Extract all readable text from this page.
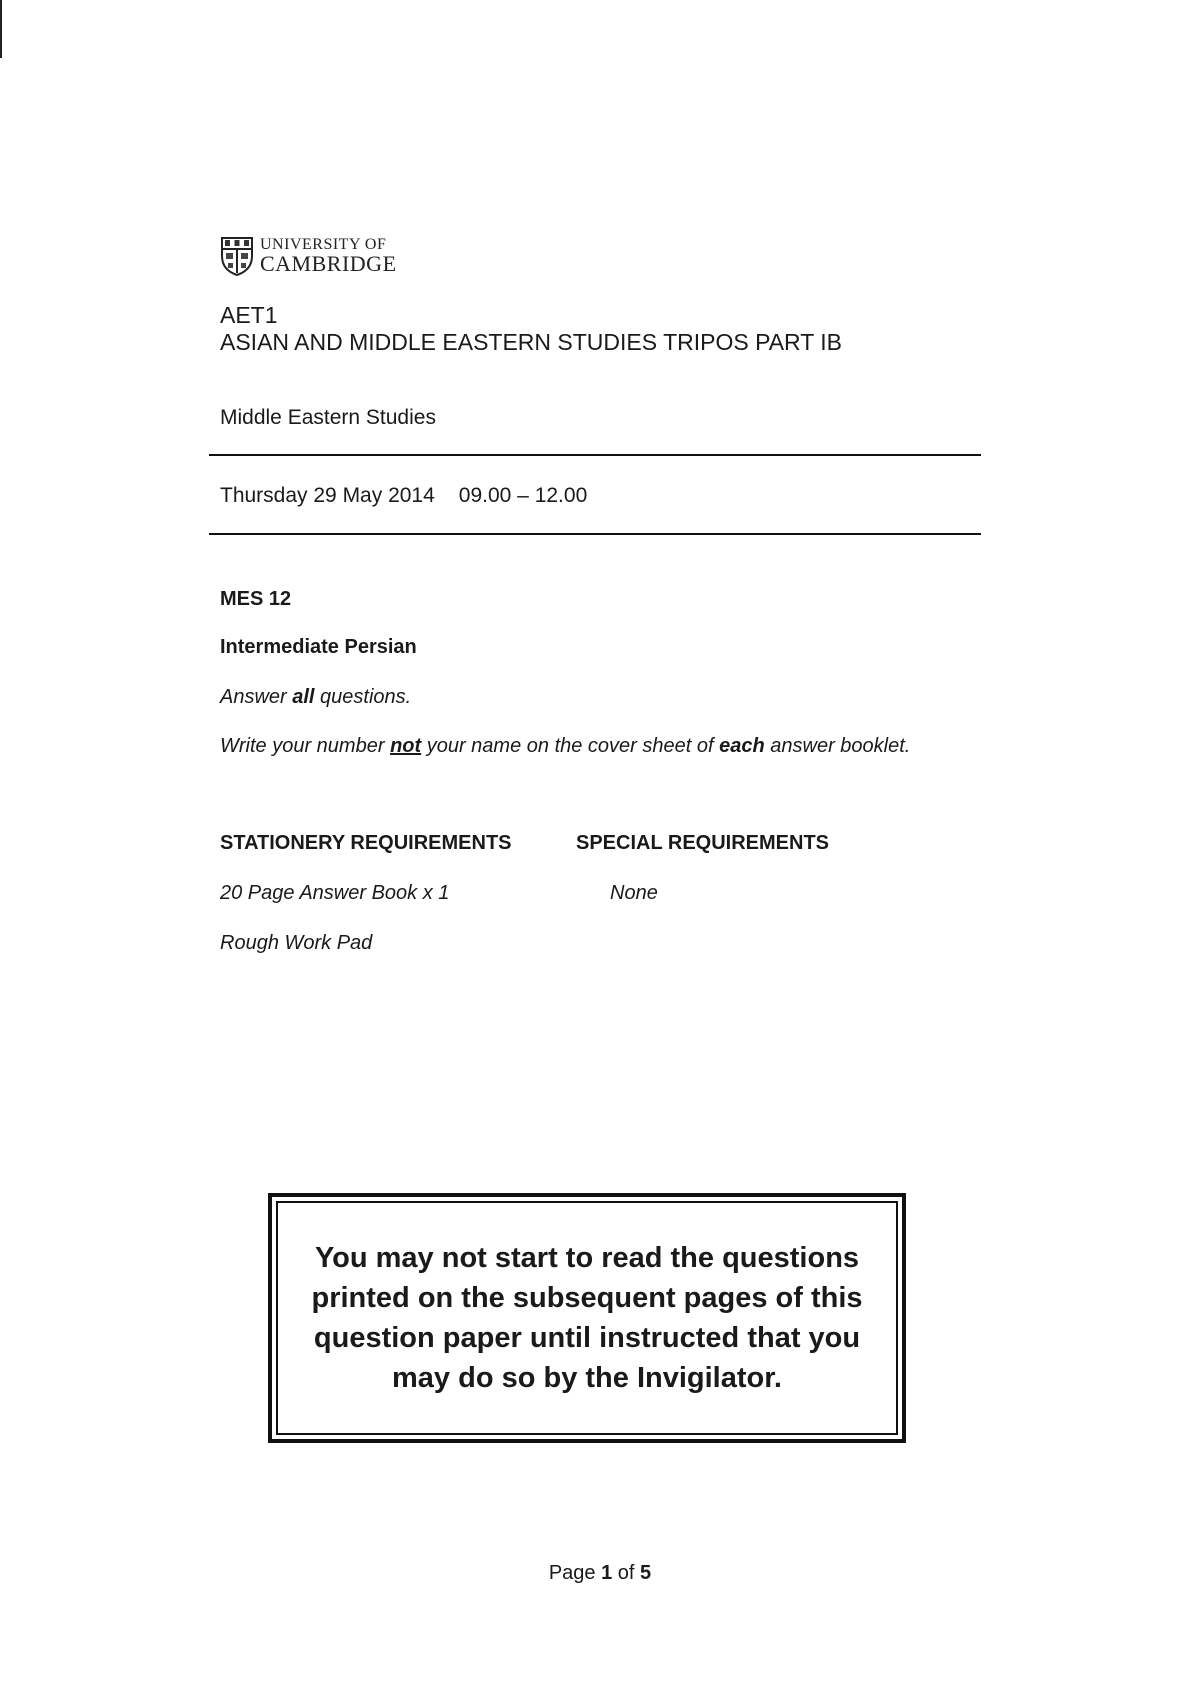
UNIVERSITY OF
CAMBRIDGE
AET1
ASIAN AND MIDDLE EASTERN STUDIES TRIPOS PART IB
Middle Eastern Studies
Thursday 29 May 2014 09.00 – 12.00
MES 12
Intermediate Persian
Answer all questions.
Write your number not your name on the cover sheet of each answer booklet.
STATIONERY REQUIREMENTS	SPECIAL REQUIREMENTS
20 Page Answer Book x 1
Rough Work Pad
None
You may not start to read the questions printed on the subsequent pages of this question paper until instructed that you may do so by the Invigilator.
Page 1 of 5
